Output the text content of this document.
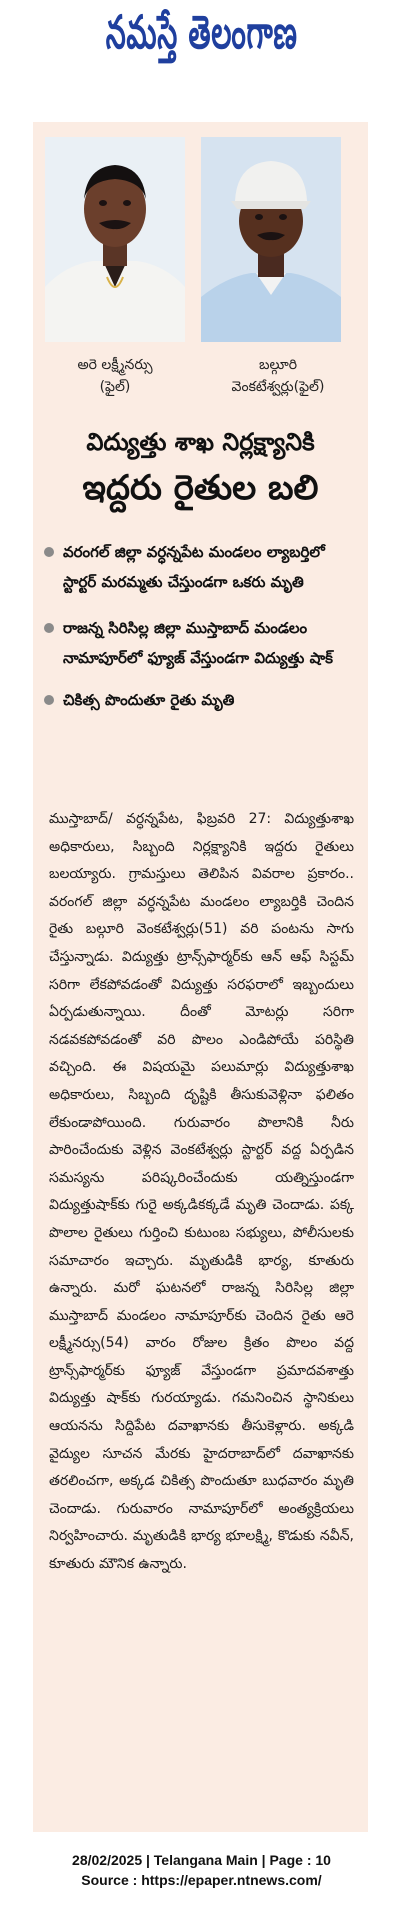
నమస్తే తెలంగాణ
అరె లక్ష్మీనర్సు
(ఫైల్)
బల్గూరి
వెంకటేశ్వర్లు(ఫైల్)
విద్యుత్తు శాఖ నిర్లక్ష్యానికి
ఇద్దరు రైతుల బలి
వరంగల్ జిల్లా వర్ధన్నపేట మండలం ల్యాబర్తిలో స్టార్టర్ మరమ్మతు చేస్తుండగా ఒకరు మృతి
రాజన్న సిరిసిల్ల జిల్లా ముస్తాబాద్ మండలం నామాపూర్‌లో ఫ్యూజ్ వేస్తుండగా విద్యుత్తు షాక్
చికిత్స పొందుతూ రైతు మృతి

ముస్తాబాద్/ వర్ధన్నపేట, ఫిబ్రవరి 27: విద్యుత్తుశాఖ అధికారులు, సిబ్బంది నిర్లక్ష్యానికి ఇద్దరు రైతులు బలయ్యారు. గ్రామస్తులు తెలిపిన వివరాల ప్రకారం.. వరంగల్ జిల్లా వర్ధన్నపేట మండలం ల్యాబర్తికి చెందిన రైతు బల్గూరి వెంకటేశ్వర్లు(51) వరి పంటను సాగు చేస్తున్నాడు. విద్యుత్తు ట్రాన్స్‌ఫార్మర్‌కు ఆన్ ఆఫ్ సిస్టమ్ సరిగా లేకపోవడంతో విద్యుత్తు సరఫరాలో ఇబ్బందులు ఏర్పడుతున్నాయి. దీంతో మోటర్లు సరిగా నడవకపోవడంతో వరి పొలం ఎండిపోయే పరిస్థితి వచ్చింది. ఈ విషయమై పలుమార్లు విద్యుత్తుశాఖ అధికారులు, సిబ్బంది దృష్టికి తీసుకువెళ్లినా ఫలితం లేకుండాపోయింది. గురువారం పొలానికి నీరు పారించేందుకు వెళ్లిన వెంకటేశ్వర్లు స్టార్టర్ వద్ద ఏర్పడిన సమస్యను పరిష్కరించేందుకు యత్నిస్తుండగా విద్యుత్తుషాక్‌కు గురై అక్కడికక్కడే మృతి చెందాడు. పక్క పొలాల రైతులు గుర్తించి కుటుంబ సభ్యులు, పోలీసులకు సమాచారం ఇచ్చారు. మృతుడికి భార్య, కూతురు ఉన్నారు. మరో ఘటనలో రాజన్న సిరిసిల్ల జిల్లా ముస్తాబాద్ మండలం నామాపూర్‌కు చెందిన రైతు ఆరె లక్ష్మీనర్సు(54) వారం రోజుల క్రితం పొలం వద్ద ట్రాన్స్‌ఫార్మర్‌కు ఫ్యూజ్ వేస్తుండగా ప్రమాదవశాత్తు విద్యుత్తు షాక్‌కు గురయ్యాడు. గమనించిన స్థానికులు ఆయనను సిద్దిపేట దవాఖానకు తీసుకెళ్లారు. అక్కడి వైద్యుల సూచన మేరకు హైదరాబాద్‌లో దవాఖానకు తరలించగా, అక్కడ చికిత్స పొందుతూ బుధవారం మృతి చెందాడు. గురువారం నామాపూర్‌లో అంత్యక్రియలు నిర్వహించారు. మృతుడికి భార్య భూలక్ష్మి, కొడుకు నవీన్, కూతురు మౌనిక ఉన్నారు.

28/02/2025 | Telangana Main | Page : 10
Source : https://epaper.ntnews.com/
